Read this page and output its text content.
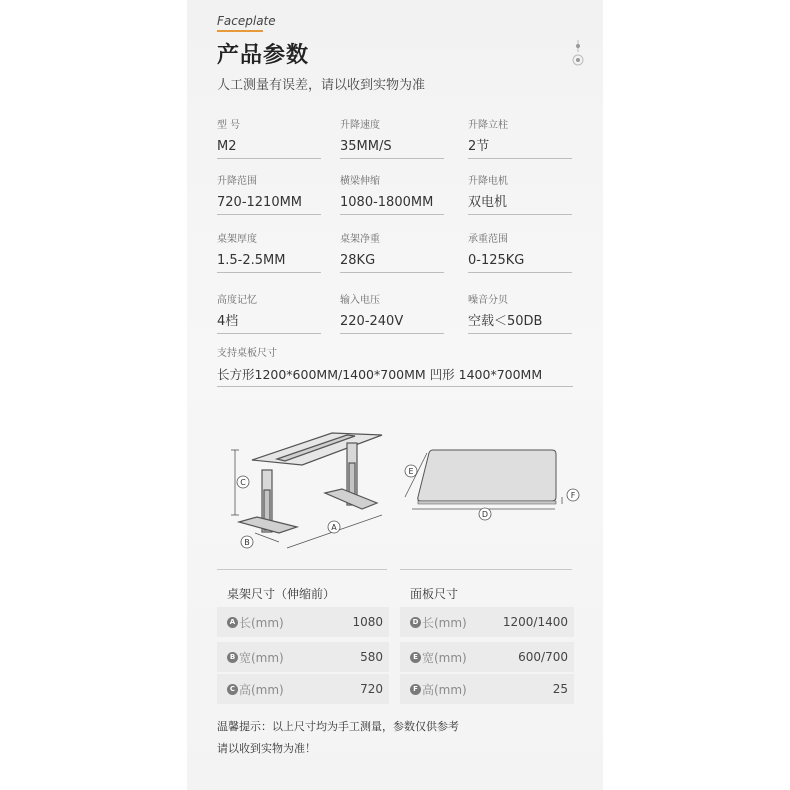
Faceplate
产品参数
人工测量有误差，请以收到实物为准
型 号
M2
升降速度
35MM/S
升降立柱
2节
升降范围
720-1210MM
横梁伸缩
1080-1800MM
升降电机
双电机
桌架厚度
1.5-2.5MM
桌架净重
28KG
承重范围
0-125KG
高度记忆
4档
输入电压
220-240V
噪音分贝
空载＜50DB
支持桌板尺寸
长方形1200*600MM/1400*700MM 凹形 1400*700MM
C
B
A
E
D
F
桌架尺寸（伸缩前）	面板尺寸
A 长(mm)	1080
B 宽(mm)	580
C 高(mm)	720
D 长(mm)	1200/1400
E 宽(mm)	600/700
F 高(mm)	25
温馨提示：以上尺寸均为手工测量，参数仅供参考
请以收到实物为准！
